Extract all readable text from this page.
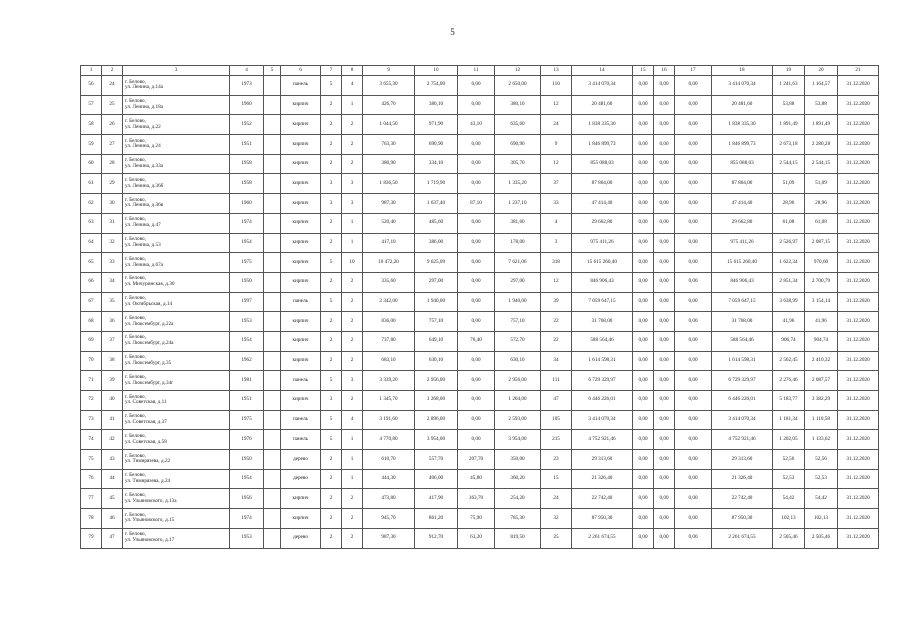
5
1	2	3	4	5	6	7	8	9	10	11	12	13	14	15	16	17	18	19	20	21
56	24	г. Белово,
ул. Ленина, д.14а	1973		панель	5	4	3 655,30	2 754,00	0,00	2 650,00	110	3 414 070,34	0,00	0,00	0,00	3 414 070,34	1 241,63	1 164,57	31.12.2020
57	25	г. Белово,
ул. Ленина, д.18а	1960		кирпич	2	1	426,70	380,10	0,00	380,10	12	20 481,60	0,00	0,00	0,00	20 481,60	53,88	53,88	31.12.2020
58	26	г. Белово,
ул. Ленина, д.22	1952		кирпич	2	2	1 044,50	971,90	43,10	635,60	24	1 838 335,30	0,00	0,00	0,00	1 838 335,30	1 891,49	1 891,49	31.12.2020
59	27	г. Белово,
ул. Ленина, д.24	1951		кирпич	2	2	763,30	690,90	0,00	690,90	9	1 846 899,73	0,00	0,00	0,00	1 846 899,73	2 673,18	2 280,28	31.12.2020
60	28	г. Белово,
ул. Ленина, д.33а	1958		кирпич	2	2	380,90	334,10	0,00	305,70	12	855 088,03	0,00	0,00	0,00	855 088,03	2 544,15	2 544,15	31.12.2020
61	29	г. Белово,
ул. Ленина, д.36б	1958		кирпич	3	3	1 836,50	1 719,90	0,00	1 335,20	37	87 864,00	0,00	0,00	0,00	87 864,00	51,09	51,09	31.12.2020
62	30	г. Белово,
ул. Ленина, д.36в	1960		кирпич	3	3	987,30	1 637,40	87,10	1 237,10	33	47 414,40	0,00	0,00	0,00	47 414,40	28,96	28,96	31.12.2020
63	31	г. Белово,
ул. Ленина, д.47	1974		кирпич	2	1	520,40	485,60	0,00	381,60	4	29 662,80	0,00	0,00	0,00	29 662,80	61,08	61,08	31.12.2020
64	32	г. Белово,
ул. Ленина, д.53	1954		кирпич	2	1	417,10	386,00	0,00	178,00	3	975 411,26	0,00	0,00	0,00	975 411,26	2 526,97	2 087,15	31.12.2020
65	33	г. Белово,
ул. Ленина, д.67а	1975		кирпич	5	10	10 472,20	9 625,09	0,00	7 621,06	318	15 615 260,40	0,00	0,00	0,00	15 615 260,40	1 622,34	970,60	31.12.2020
66	34	г. Белово,
ул. Мичуринская, д.30	1950		кирпич	2	2	335,60	297,00	0,00	297,00	12	846 906,43	0,00	0,00	0,00	846 906,43	2 851,34	2 700,79	31.12.2020
67	35	г. Белово,
ул. Октябрьская, д.14	1997		панель	5	2	2 342,00	1 940,00	0,00	1 940,00	39	7 059 647,15	0,00	0,00	0,00	7 059 647,15	3 638,99	3 154,14	31.12.2020
68	36	г. Белово,
ул. Люксембург, д.22а	1953		кирпич	2	2	836,00	757,10	0,00	757,10	22	31 768,00	0,00	0,00	0,00	31 768,00	41,96	41,96	31.12.2020
69	37	г. Белово,
ул. Люксембург, д.24а	1954		кирпич	2	2	737,80	649,10	76,40	572,70	22	588 564,46	0,00	0,00	0,00	588 564,46	906,74	904,74	31.12.2020
70	38	г. Белово,
ул. Люксембург, д.35	1962		кирпич	2	2	683,10	630,10	0,00	630,10	34	1 614 598,31	0,00	0,00	0,00	1 614 598,31	2 562,45	2 410,32	31.12.2020
71	39	г. Белово,
ул. Люксембург, д.34г	1981		панель	5	3	3 339,20	2 956,00	0,00	2 956,00	111	6 729 329,97	0,00	0,00	0,00	6 729 329,97	2 276,46	2 087,57	31.12.2020
72	40	г. Белово,
ул. Советская, д.11	1951		кирпич	3	2	1 345,70	1 268,00	0,00	1 204,00	47	6 446 226,01	0,00	0,00	0,00	6 446 226,01	5 183,77	3 382,29	31.12.2020
73	41	г. Белово,
ул. Советская, д.37	1975		панель	5	4	3 191,60	2 896,00	0,00	2 593,00	105	3 414 070,34	0,00	0,00	0,00	3 414 070,34	1 181,34	1 110,58	31.12.2020
74	42	г. Белово,
ул. Советская, д.58	1976		панель	5	1	4 770,80	3 954,00	0,00	3 954,00	215	4 752 921,46	0,00	0,00	0,00	4 752 921,46	1 202,05	1 133,62	31.12.2020
75	43	г. Белово,
ул. Тимирязева, д.22	1950		дерево	2	1	610,70	557,70	207,70	350,00	23	29 313,60	0,00	0,00	0,00	29 313,60	52,56	52,56	31.12.2020
76	44	г. Белово,
ул. Тимирязева, д.24	1954		дерево	2	1	444,30	406,00	45,80	360,20	15	21 326,40	0,00	0,00	0,00	21 326,40	52,53	52,53	31.12.2020
77	45	г. Белово,
ул. Ульяновского, д.13а	1956		кирпич	2	2	473,80	417,90	163,70	254,20	24	22 742,40	0,00	0,00	0,00	22 742,40	54,42	54,42	31.12.2020
78	46	г. Белово,
ул. Ульяновского, д.15	1974		кирпич	2	2	945,70	861,20	75,90	785,30	32	87 950,30	0,00	0,00	0,00	87 950,30	102,13	102,13	31.12.2020
79	47	г. Белово,
ул. Ульяновского, д.17	1953		дерево	2	2	987,30	912,70	63,20	819,50	25	2 261 674,55	0,00	0,00	0,00	2 261 674,55	2 505,46	2 505,46	31.12.2020
